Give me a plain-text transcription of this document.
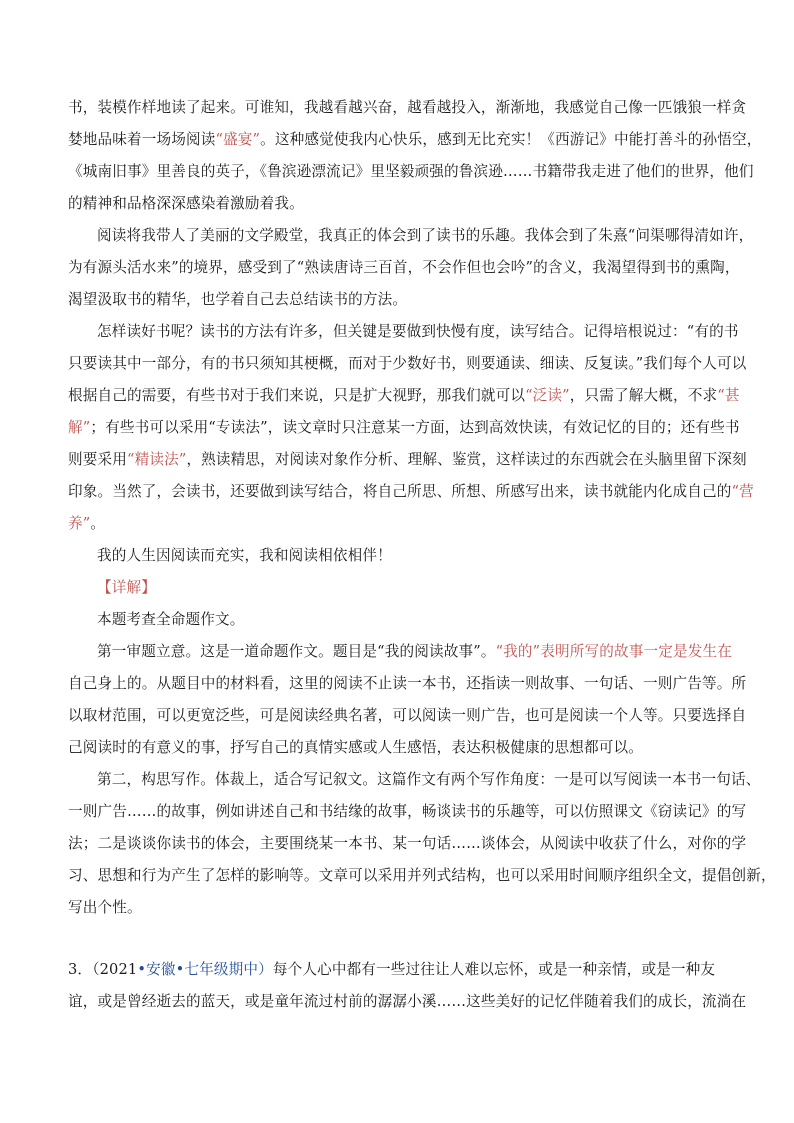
书，装模作样地读了起来。可谁知，我越看越兴奋，越看越投入，渐渐地，我感觉自己像一匹饿狼一样贪
婪地品味着一场场阅读“盛宴”。这种感觉使我内心快乐，感到无比充实！《西游记》中能打善斗的孙悟空，
《城南旧事》里善良的英子，《鲁滨逊漂流记》里坚毅顽强的鲁滨逊……书籍带我走进了他们的世界，他们
的精神和品格深深感染着激励着我。
阅读将我带人了美丽的文学殿堂，我真正的体会到了读书的乐趣。我体会到了朱熹“问渠哪得清如许，
为有源头活水来”的境界，感受到了“熟读唐诗三百首，不会作但也会吟”的含义，我渴望得到书的熏陶，
渴望汲取书的精华，也学着自己去总结读书的方法。
怎样读好书呢？读书的方法有许多，但关键是要做到快慢有度，读写结合。记得培根说过：“有的书
只要读其中一部分，有的书只须知其梗概，而对于少数好书，则要通读、细读、反复读。”我们每个人可以
根据自己的需要，有些书对于我们来说，只是扩大视野，那我们就可以“泛读”，只需了解大概，不求“甚
解”；有些书可以采用“专读法”，读文章时只注意某一方面，达到高效快读，有效记忆的目的；还有些书
则要采用“精读法”，熟读精思，对阅读对象作分析、理解、鉴赏，这样读过的东西就会在头脑里留下深刻
印象。当然了，会读书，还要做到读写结合，将自己所思、所想、所感写出来，读书就能内化成自己的“营
养”。
我的人生因阅读而充实，我和阅读相依相伴！
【详解】
本题考查全命题作文。
第一审题立意。这是一道命题作文。题目是“我的阅读故事”。“我的”表明所写的故事一定是发生在
自己身上的。从题目中的材料看，这里的阅读不止读一本书，还指读一则故事、一句话、一则广告等。所
以取材范围，可以更宽泛些，可是阅读经典名著，可以阅读一则广告，也可是阅读一个人等。只要选择自
己阅读时的有意义的事，抒写自己的真情实感或人生感悟，表达积极健康的思想都可以。
第二，构思写作。体裁上，适合写记叙文。这篇作文有两个写作角度：一是可以写阅读一本书一句话、
一则广告……的故事，例如讲述自己和书结缘的故事，畅谈读书的乐趣等，可以仿照课文《窃读记》的写
法；二是谈谈你读书的体会，主要围绕某一本书、某一句话……谈体会，从阅读中收获了什么，对你的学
习、思想和行为产生了怎样的影响等。文章可以采用并列式结构，也可以采用时间顺序组织全文，提倡创新，
写出个性。
3．（2021•安徽•七年级期中）每个人心中都有一些过往让人难以忘怀，或是一种亲情，或是一种友
谊，或是曾经逝去的蓝天，或是童年流过村前的潺潺小溪……这些美好的记忆伴随着我们的成长，流淌在
